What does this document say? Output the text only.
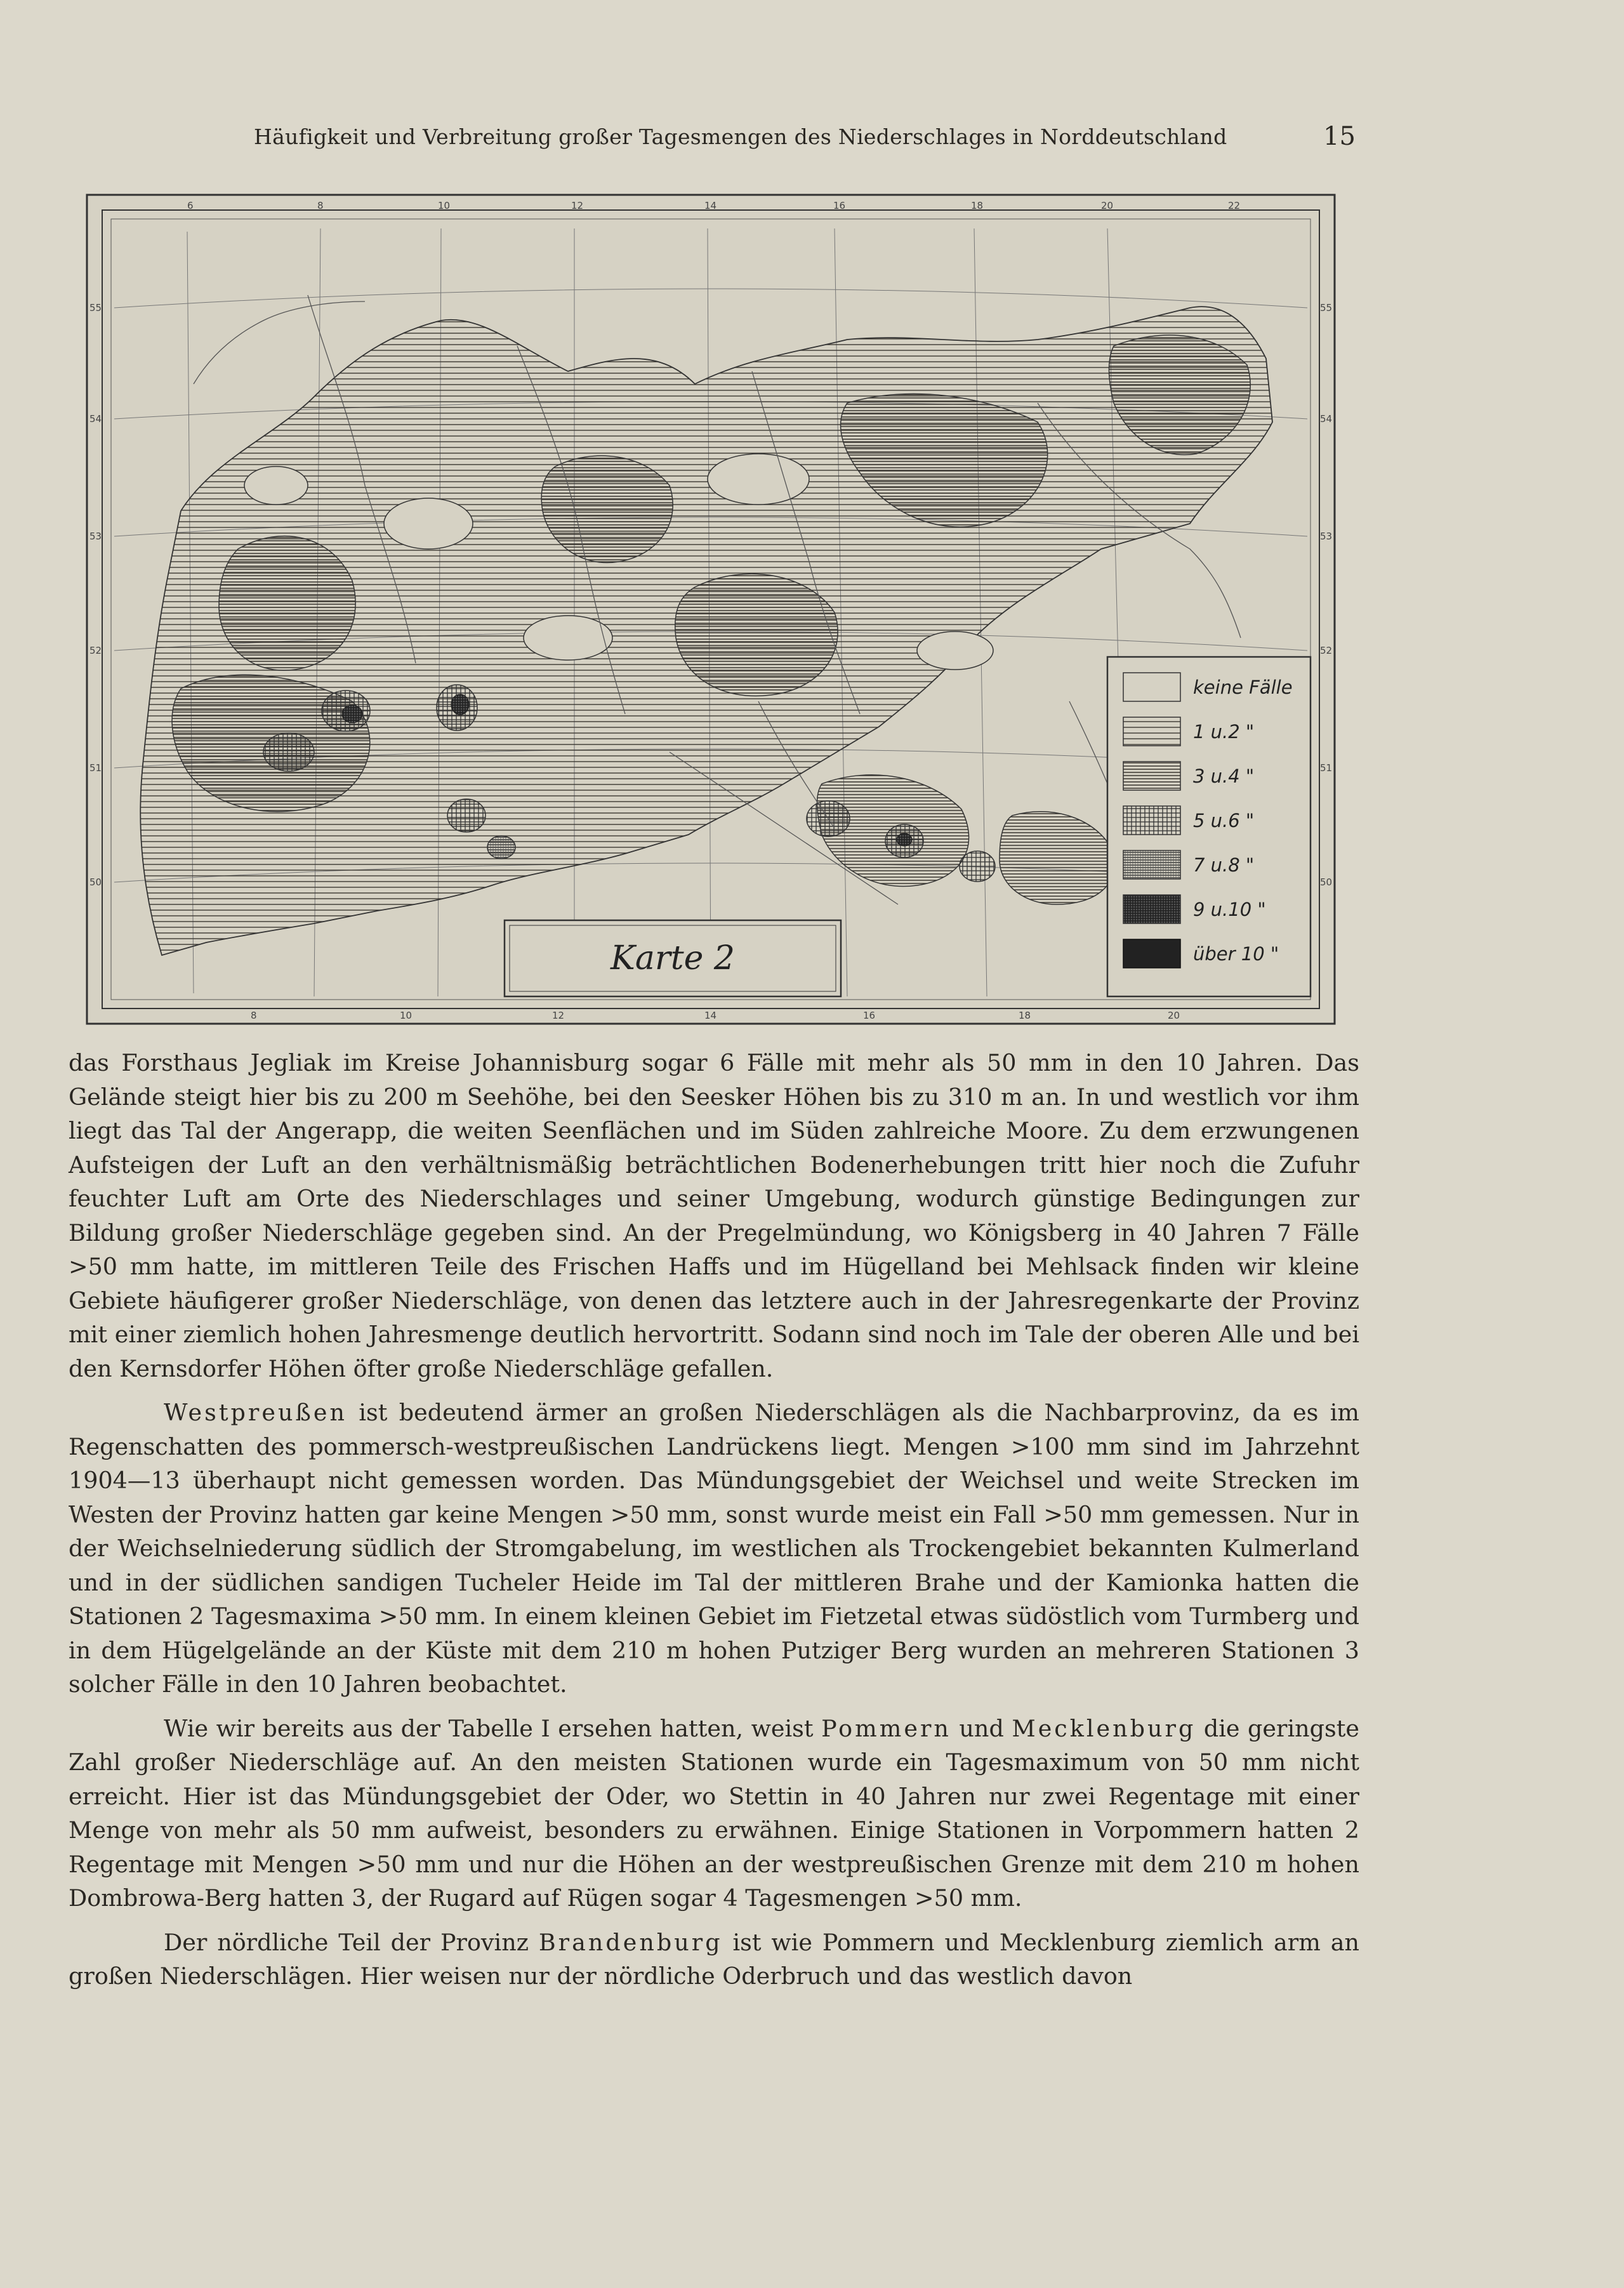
Häufigkeit und Verbreitung großer Tagesmengen des Niederschlages in Norddeutschland	15
6	8	10	12	14	16	18	20	22
8	10	12	14	16	18	20
55
54
53
52
51
50
55
54
53
52
51
50
Karte 2
keine Fälle
1 u.2 "
3 u.4 "
5 u.6 "
7 u.8 "
9 u.10 "
über 10 "

das Forsthaus Jegliak im Kreise Johannisburg sogar 6 Fälle mit mehr als 50 mm in den 10 Jahren. Das Gelände steigt hier bis zu 200 m Seehöhe, bei den Seesker Höhen bis zu 310 m an. In und westlich vor ihm liegt das Tal der Angerapp, die weiten Seenflächen und im Süden zahlreiche Moore. Zu dem erzwungenen Aufsteigen der Luft an den verhältnismäßig beträchtlichen Bodenerhebungen tritt hier noch die Zufuhr feuchter Luft am Orte des Niederschlages und seiner Umgebung, wodurch günstige Bedingungen zur Bildung großer Niederschläge gegeben sind. An der Pregelmündung, wo Königsberg in 40 Jahren 7 Fälle >50 mm hatte, im mittleren Teile des Frischen Haffs und im Hügelland bei Mehlsack finden wir kleine Gebiete häufigerer großer Niederschläge, von denen das letztere auch in der Jahresregenkarte der Provinz mit einer ziemlich hohen Jahresmenge deutlich hervortritt. Sodann sind noch im Tale der oberen Alle und bei den Kernsdorfer Höhen öfter große Niederschläge gefallen.

Westpreußen ist bedeutend ärmer an großen Niederschlägen als die Nachbarprovinz, da es im Regenschatten des pommersch-westpreußischen Landrückens liegt. Mengen >100 mm sind im Jahrzehnt 1904—13 überhaupt nicht gemessen worden. Das Mündungsgebiet der Weichsel und weite Strecken im Westen der Provinz hatten gar keine Mengen >50 mm, sonst wurde meist ein Fall >50 mm gemessen. Nur in der Weichselniederung südlich der Stromgabelung, im westlichen als Trockengebiet bekannten Kulmerland und in der südlichen sandigen Tucheler Heide im Tal der mittleren Brahe und der Kamionka hatten die Stationen 2 Tagesmaxima >50 mm. In einem kleinen Gebiet im Fietzetal etwas südöstlich vom Turmberg und in dem Hügelgelände an der Küste mit dem 210 m hohen Putziger Berg wurden an mehreren Stationen 3 solcher Fälle in den 10 Jahren beobachtet.

Wie wir bereits aus der Tabelle I ersehen hatten, weist Pommern und Mecklenburg die geringste Zahl großer Niederschläge auf. An den meisten Stationen wurde ein Tagesmaximum von 50 mm nicht erreicht. Hier ist das Mündungsgebiet der Oder, wo Stettin in 40 Jahren nur zwei Regentage mit einer Menge von mehr als 50 mm aufweist, besonders zu erwähnen. Einige Stationen in Vorpommern hatten 2 Regentage mit Mengen >50 mm und nur die Höhen an der westpreußischen Grenze mit dem 210 m hohen Dombrowa-Berg hatten 3, der Rugard auf Rügen sogar 4 Tagesmengen >50 mm.

Der nördliche Teil der Provinz Brandenburg ist wie Pommern und Mecklenburg ziemlich arm an großen Niederschlägen. Hier weisen nur der nördliche Oderbruch und das westlich davon
